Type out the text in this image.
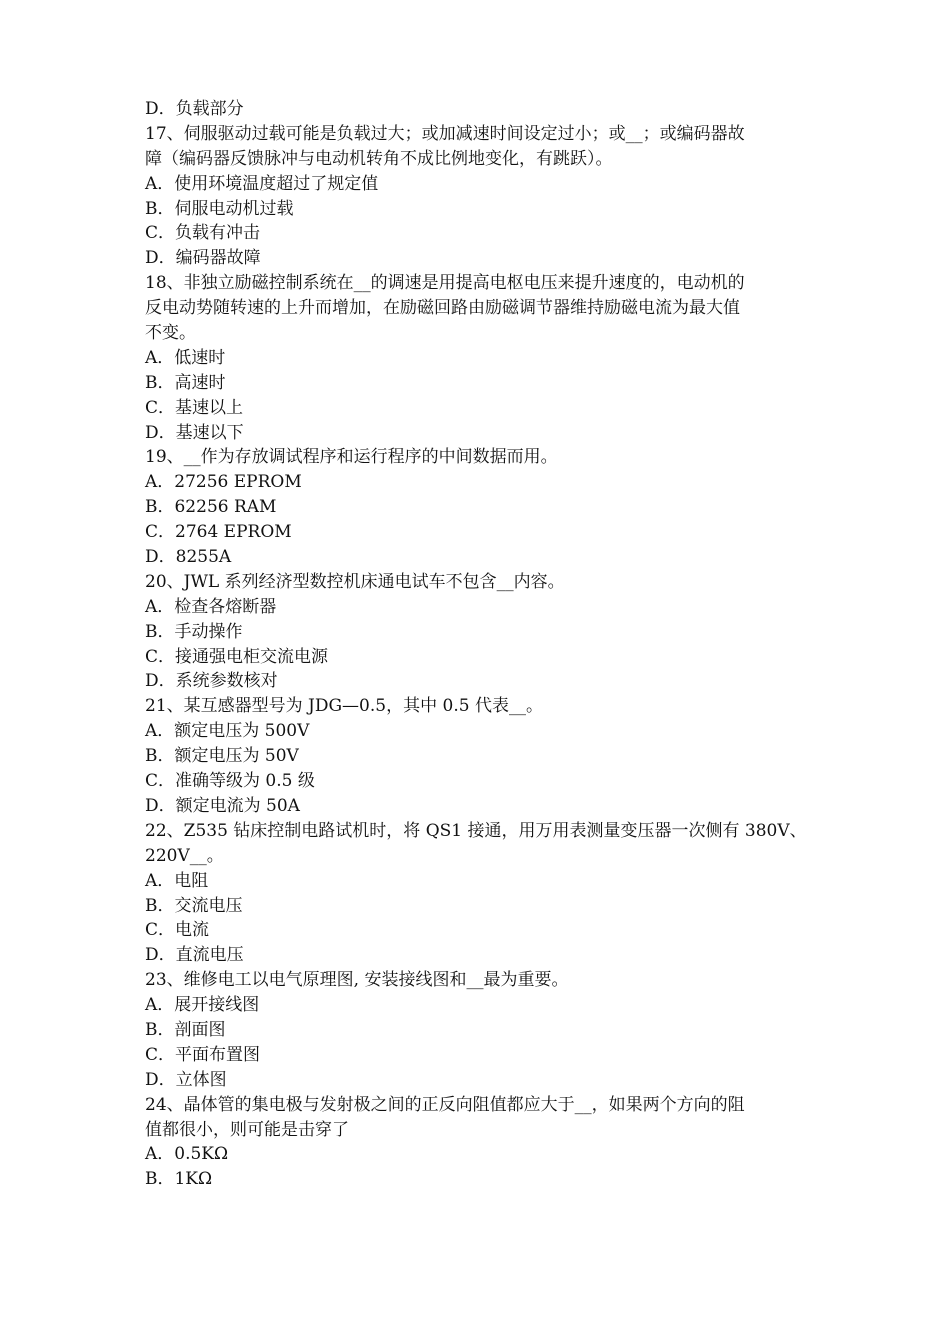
D．负载部分
17、伺服驱动过载可能是负载过大；或加减速时间设定过小；或__；或编码器故
障（编码器反馈脉冲与电动机转角不成比例地变化，有跳跃）。
A．使用环境温度超过了规定值
B．伺服电动机过载
C．负载有冲击
D．编码器故障
18、非独立励磁控制系统在__的调速是用提高电枢电压来提升速度的，电动机的
反电动势随转速的上升而增加，在励磁回路由励磁调节器维持励磁电流为最大值
不变。
A．低速时
B．高速时
C．基速以上
D．基速以下
19、__作为存放调试程序和运行程序的中间数据而用。
A．27256 EPROM
B．62256 RAM
C．2764 EPROM
D．8255A
20、JWL 系列经济型数控机床通电试车不包含__内容。
A．检查各熔断器
B．手动操作
C．接通强电柜交流电源
D．系统参数核对
21、某互感器型号为 JDG—0.5，其中 0.5 代表__。
A．额定电压为 500V
B．额定电压为 50V
C．准确等级为 0.5 级
D．额定电流为 50A
22、Z535 钻床控制电路试机时，将 QS1 接通，用万用表测量变压器一次侧有 380V、
220V__。
A．电阻
B．交流电压
C．电流
D．直流电压
23、维修电工以电气原理图, 安装接线图和__最为重要。
A．展开接线图
B．剖面图
C．平面布置图
D．立体图
24、晶体管的集电极与发射极之间的正反向阻值都应大于__，如果两个方向的阻
值都很小，则可能是击穿了
A．0.5KΩ
B．1KΩ
